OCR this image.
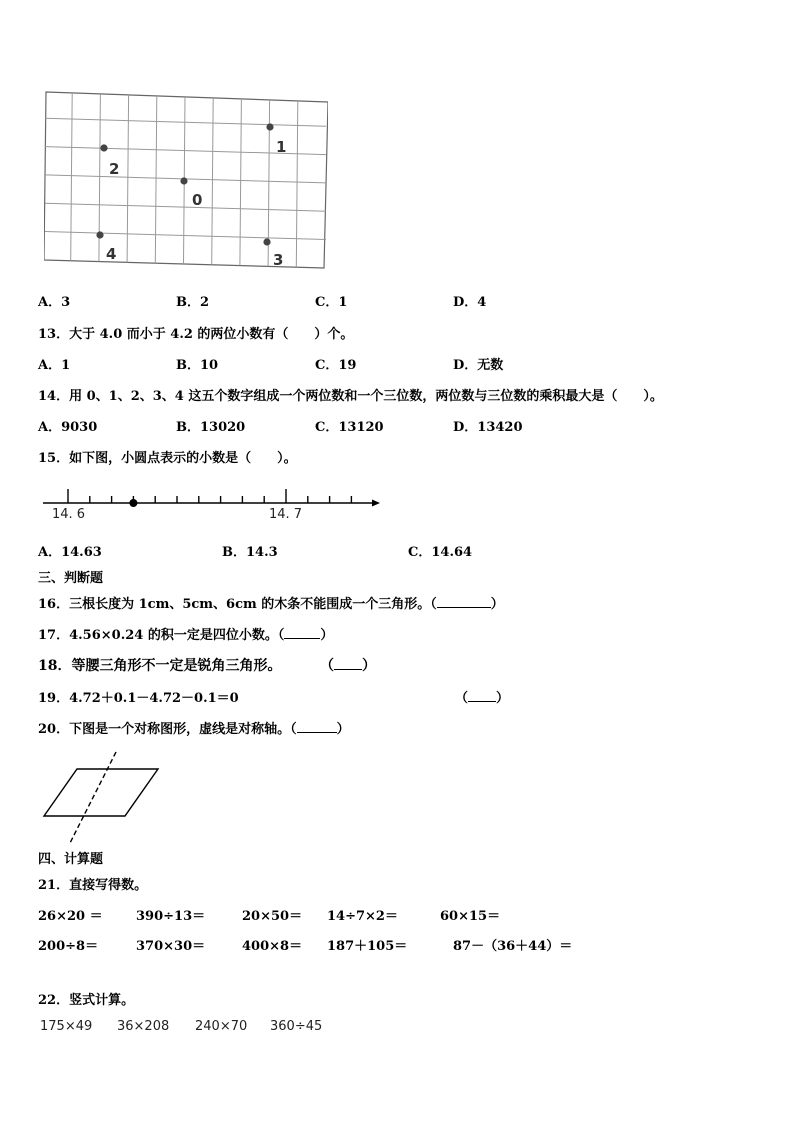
1
2
0
3
4
A．3	B．2	C．1	D．4
13．大于 4.0 而小于 4.2 的两位小数有（　　）个。
A．1	B．10	C．19	D．无数
14．用 0、1、2、3、4 这五个数字组成一个两位数和一个三位数，两位数与三位数的乘积最大是（　　）。
A．9030	B．13020	C．13120	D．13420
15．如下图，小圆点表示的小数是（　　）。
14. 6	14. 7
A．14.63	B．14.3	C．14.64
三、判断题
16．三根长度为 1cm、5cm、6cm 的木条不能围成一个三角形。（	）
17．4.56×0.24 的积一定是四位小数。（	）
18．等腰三角形不一定是锐角三角形。	（ ）
19．4.72＋0.1－4.72－0.1＝0	（ ）
20．下图是一个对称图形，虚线是对称轴。（	）
四、计算题
21．直接写得数。
26×20 ＝	390÷13＝	20×50＝ 14÷7×2＝	60×15＝
200÷8＝	370×30＝	400×8＝ 187＋105＝	87－（36＋44）＝
22．竖式计算。
175×49 36×208 240×70 360÷45
